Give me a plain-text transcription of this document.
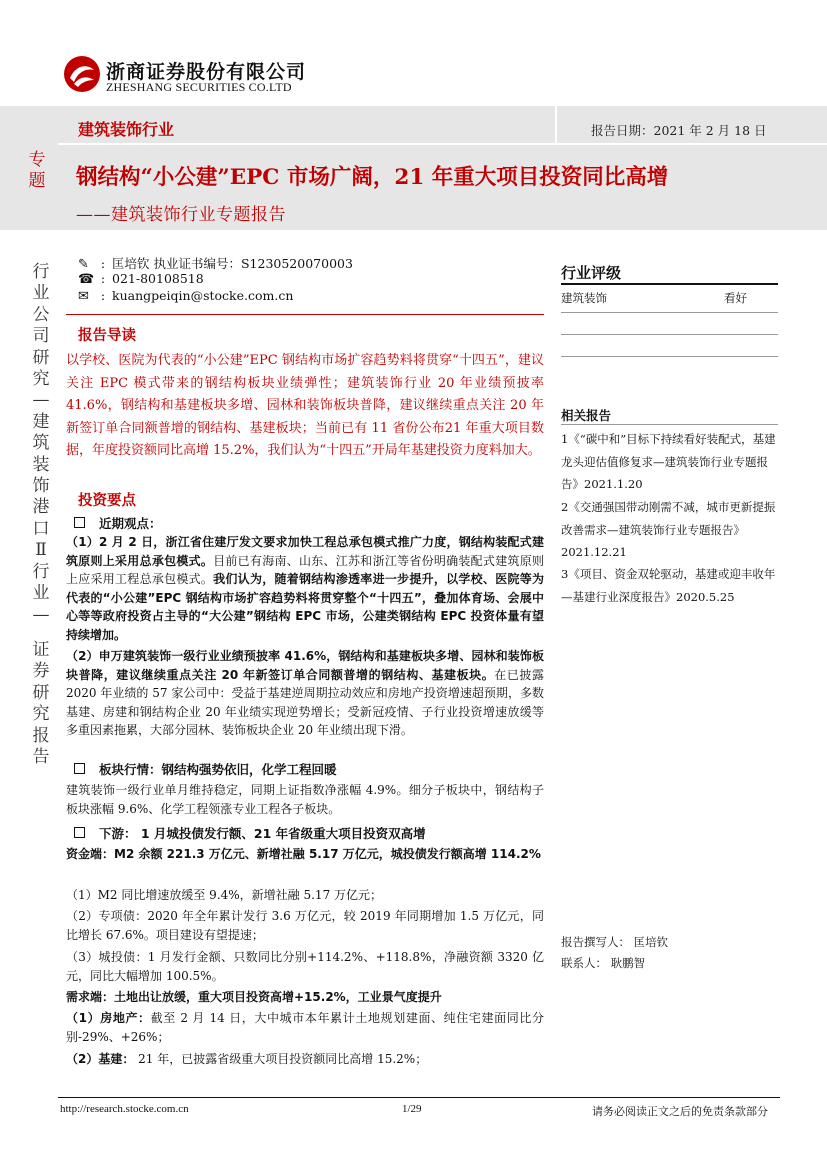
浙商证券股份有限公司
ZHESHANG SECURITIES CO.LTD
专题
建筑装饰行业	报告日期：2021 年 2 月 18 日
钢结构“小公建”EPC 市场广阔，21 年重大项目投资同比高增
——建筑装饰行业专题报告
行业公司研究—建筑装饰港口Ⅱ行业—
证券研究报告
✎ : 匡培钦 执业证书编号：S1230520070003
☎ : 021-80108518
✉ : kuangpeiqin@stocke.com.cn
报告导读
以学校、医院为代表的“小公建”EPC 钢结构市场扩容趋势料将贯穿“十四五”，建议关注 EPC 模式带来的钢结构板块业绩弹性；建筑装饰行业 20 年业绩预披率 41.6%，钢结构和基建板块多增、园林和装饰板块普降，建议继续重点关注 20 年新签订单合同额普增的钢结构、基建板块；当前已有 11 省份公布21 年重大项目数据，年度投资额同比高增 15.2%，我们认为“十四五”开局年基建投资力度料加大。
投资要点
近期观点：
（1）2 月 2 日，浙江省住建厅发文要求加快工程总承包模式推广力度，钢结构装配式建筑原则上采用总承包模式。目前已有海南、山东、江苏和浙江等省份明确装配式建筑原则上应采用工程总承包模式。我们认为，随着钢结构渗透率进一步提升，以学校、医院等为代表的“小公建”EPC 钢结构市场扩容趋势料将贯穿整个“十四五”，叠加体育场、会展中心等等政府投资占主导的“大公建”钢结构 EPC 市场，公建类钢结构 EPC 投资体量有望持续增加。
（2）申万建筑装饰一级行业业绩预披率 41.6%，钢结构和基建板块多增、园林和装饰板块普降，建议继续重点关注 20 年新签订单合同额普增的钢结构、基建板块。在已披露 2020 年业绩的 57 家公司中：受益于基建逆周期拉动效应和房地产投资增速超预期，多数基建、房建和钢结构企业 20 年业绩实现逆势增长；受新冠疫情、子行业投资增速放缓等多重因素拖累，大部分园林、装饰板块企业 20 年业绩出现下滑。
板块行情：钢结构强势依旧，化学工程回暖
建筑装饰一级行业单月维持稳定，同期上证指数净涨幅 4.9%。细分子板块中，钢结构子板块涨幅 9.6%、化学工程领涨专业工程各子板块。
下游： 1 月城投债发行额、21 年省级重大项目投资双高增
资金端：M2 余额 221.3 万亿元、新增社融 5.17 万亿元，城投债发行额高增 114.2%
（1）M2 同比增速放缓至 9.4%，新增社融 5.17 万亿元；
（2）专项债：2020 年全年累计发行 3.6 万亿元，较 2019 年同期增加 1.5 万亿元，同比增长 67.6%。项目建设有望提速；
（3）城投债：1 月发行金额、只数同比分别+114.2%、+118.8%，净融资额 3320 亿元，同比大幅增加 100.5%。
需求端：土地出让放缓，重大项目投资高增+15.2%，工业景气度提升
（1）房地产：截至 2 月 14 日，大中城市本年累计土地规划建面、纯住宅建面同比分别-29%、+26%；
（2）基建： 21 年，已披露省级重大项目投资额同比高增 15.2%；
行业评级
建筑装饰	看好
相关报告
1《“碳中和”目标下持续看好装配式，基建龙头迎估值修复求—建筑装饰行业专题报告》2021.1.20
2《交通强国带动刚需不减，城市更新提振改善需求—建筑装饰行业专题报告》2021.12.21
3《项目、资金双轮驱动，基建或迎丰收年—基建行业深度报告》2020.5.25
报告撰写人： 匡培钦
联系人： 耿鹏智
http://research.stocke.com.cn	1/29	请务必阅读正文之后的免责条款部分
